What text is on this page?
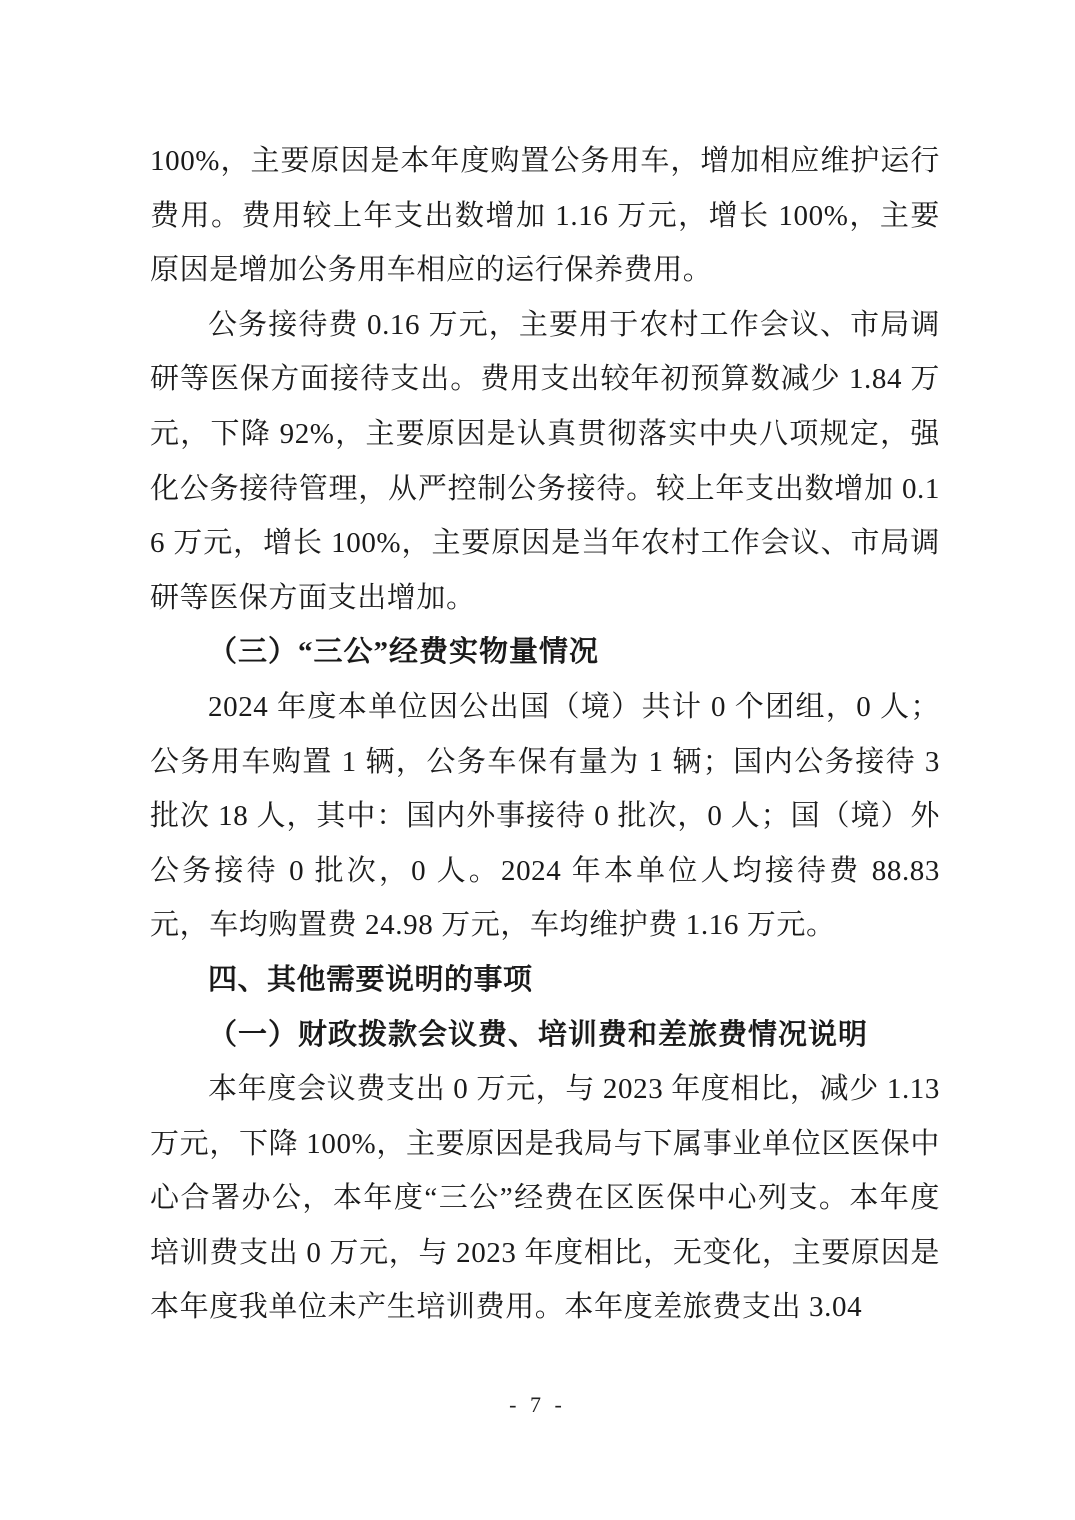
100%，主要原因是本年度购置公务用车，增加相应维护运行费用。费用较上年支出数增加 1.16 万元，增长 100%，主要原因是增加公务用车相应的运行保养费用。

公务接待费 0.16 万元，主要用于农村工作会议、市局调研等医保方面接待支出。费用支出较年初预算数减少 1.84 万元，下降 92%，主要原因是认真贯彻落实中央八项规定，强化公务接待管理，从严控制公务接待。较上年支出数增加 0.16 万元，增长 100%，主要原因是当年农村工作会议、市局调研等医保方面支出增加。

（三）“三公”经费实物量情况

2024 年度本单位因公出国（境）共计 0 个团组，0 人；公务用车购置 1 辆，公务车保有量为 1 辆；国内公务接待 3 批次 18 人，其中：国内外事接待 0 批次，0 人；国（境）外公务接待 0 批次，0 人。2024 年本单位人均接待费 88.83 元，车均购置费 24.98 万元，车均维护费 1.16 万元。

四、其他需要说明的事项
（一）财政拨款会议费、培训费和差旅费情况说明

本年度会议费支出 0 万元，与 2023 年度相比，减少 1.13 万元，下降 100%，主要原因是我局与下属事业单位区医保中心合署办公，本年度“三公”经费在区医保中心列支。本年度培训费支出 0 万元，与 2023 年度相比，无变化，主要原因是本年度我单位未产生培训费用。本年度差旅费支出 3.04

- 7 -
